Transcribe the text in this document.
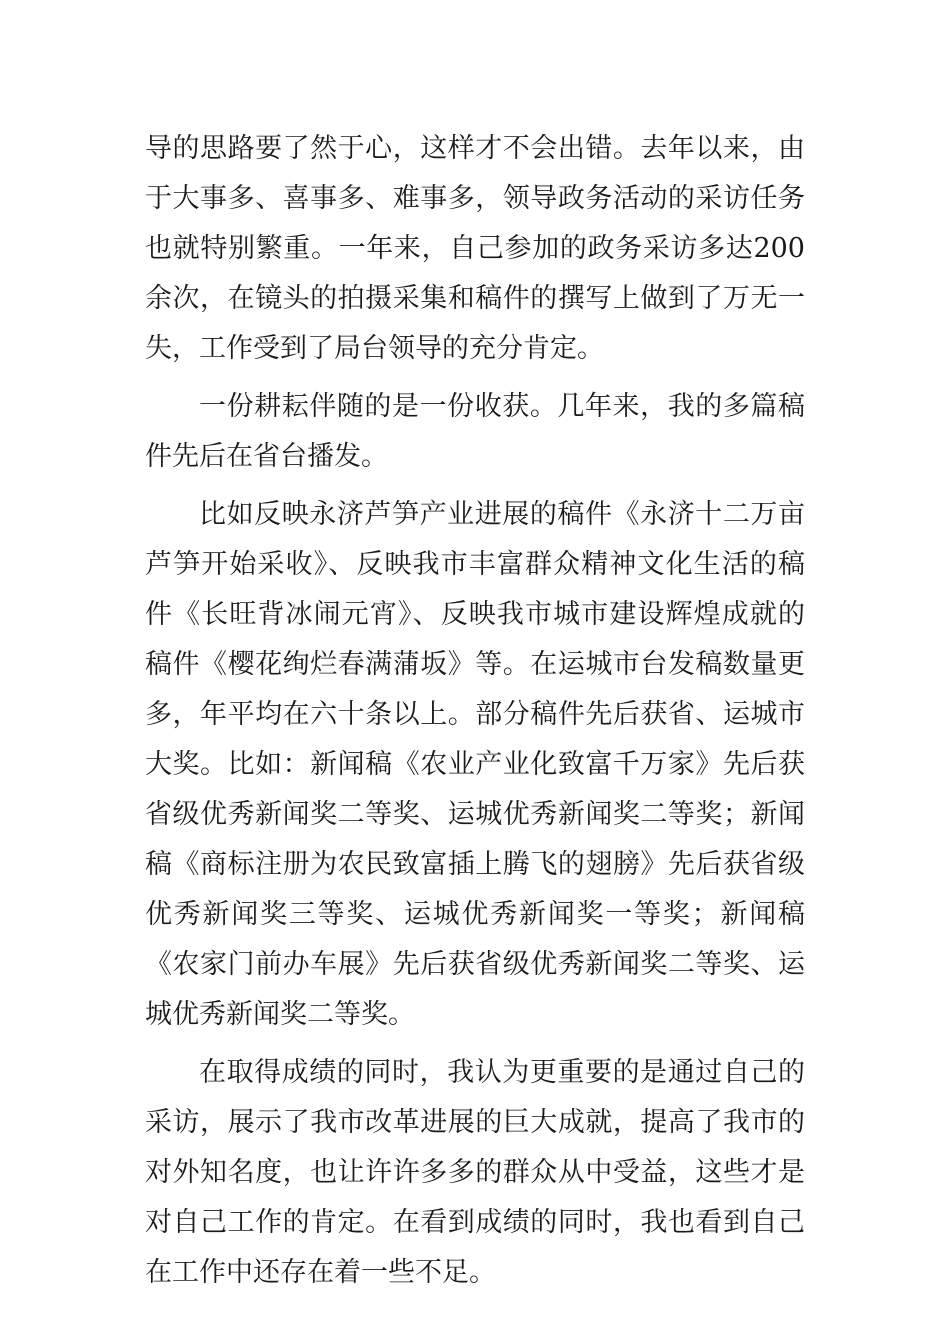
导的思路要了然于心，这样才不会出错。去年以来，由于大事多、喜事多、难事多，领导政务活动的采访任务也就特别繁重。一年来，自己参加的政务采访多达200余次，在镜头的拍摄采集和稿件的撰写上做到了万无一失，工作受到了局台领导的充分肯定。

一份耕耘伴随的是一份收获。几年来，我的多篇稿件先后在省台播发。

比如反映永济芦笋产业进展的稿件《永济十二万亩芦笋开始采收》、反映我市丰富群众精神文化生活的稿件《长旺背冰闹元宵》、反映我市城市建设辉煌成就的稿件《樱花绚烂春满蒲坂》等。在运城市台发稿数量更多，年平均在六十条以上。部分稿件先后获省、运城市大奖。比如：新闻稿《农业产业化致富千万家》先后获省级优秀新闻奖二等奖、运城优秀新闻奖二等奖；新闻稿《商标注册为农民致富插上腾飞的翅膀》先后获省级优秀新闻奖三等奖、运城优秀新闻奖一等奖；新闻稿《农家门前办车展》先后获省级优秀新闻奖二等奖、运城优秀新闻奖二等奖。

在取得成绩的同时，我认为更重要的是通过自己的采访，展示了我市改革进展的巨大成就，提高了我市的对外知名度，也让许许多多的群众从中受益，这些才是对自己工作的肯定。在看到成绩的同时，我也看到自己在工作中还存在着一些不足。
